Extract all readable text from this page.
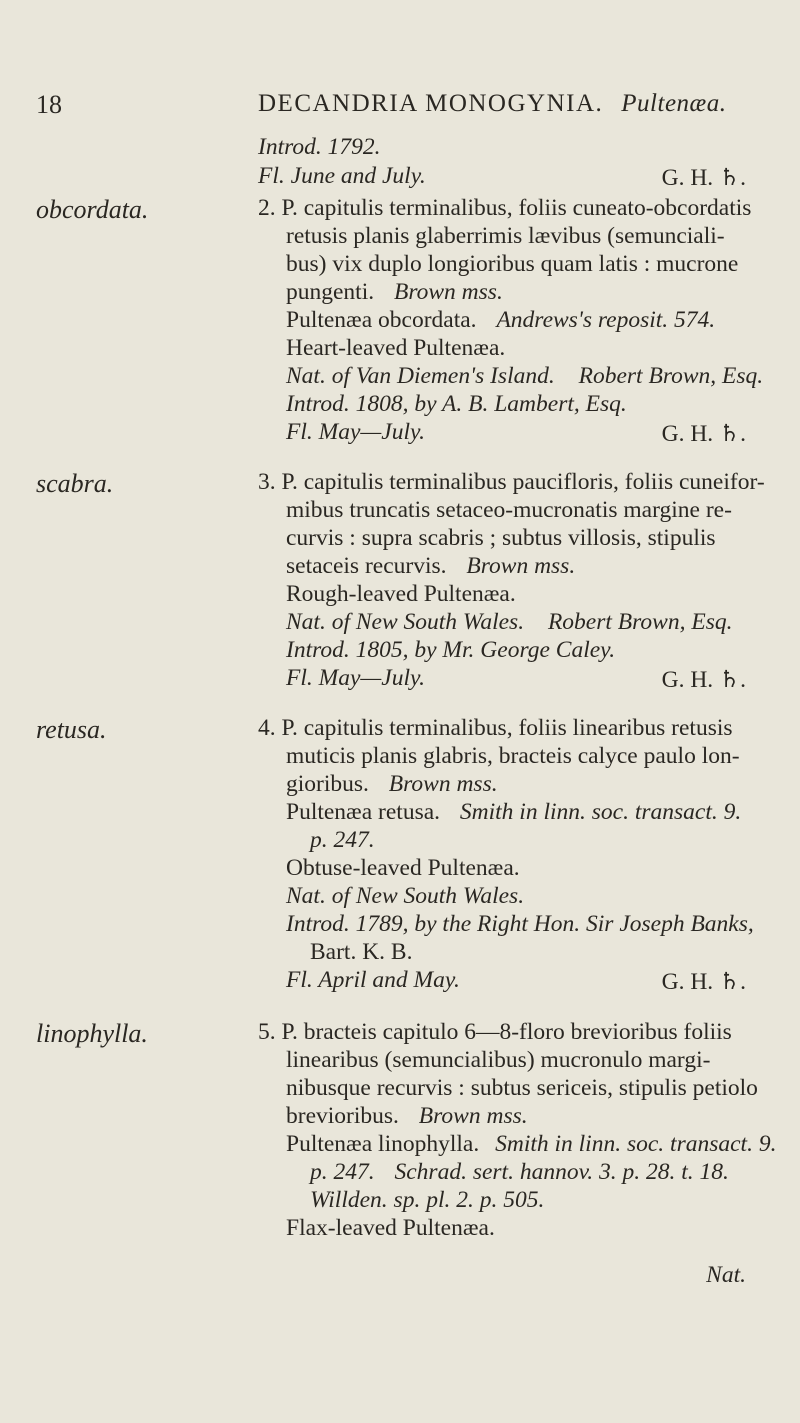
18	DECANDRIA MONOGYNIA. Pultenæa.
Introd. 1792.
Fl. June and July.	G. H. ♄.
obcordata.	2. P. capitulis terminalibus, foliis cuneato-obcordatis
retusis planis glaberrimis lævibus (semunciali-
bus) vix duplo longioribus quam latis : mucrone
pungenti. Brown mss.
Pultenæa obcordata. Andrews's reposit. 574.
Heart-leaved Pultenæa.
Nat. of Van Diemen's Island. Robert Brown, Esq.
Introd. 1808, by A. B. Lambert, Esq.
Fl. May—July.	G. H. ♄.
scabra.	3. P. capitulis terminalibus paucifloris, foliis cuneifor-
mibus truncatis setaceo-mucronatis margine re-
curvis : supra scabris ; subtus villosis, stipulis
setaceis recurvis. Brown mss.
Rough-leaved Pultenæa.
Nat. of New South Wales. Robert Brown, Esq.
Introd. 1805, by Mr. George Caley.
Fl. May—July.	G. H. ♄.
retusa.	4. P. capitulis terminalibus, foliis linearibus retusis
muticis planis glabris, bracteis calyce paulo lon-
gioribus. Brown mss.
Pultenæa retusa. Smith in linn. soc. transact. 9.
p. 247.
Obtuse-leaved Pultenæa.
Nat. of New South Wales.
Introd. 1789, by the Right Hon. Sir Joseph Banks,
Bart. K. B.
Fl. April and May.	G. H. ♄.
linophylla.	5. P. bracteis capitulo 6—8-floro brevioribus foliis
linearibus (semuncialibus) mucronulo margi-
nibusque recurvis : subtus sericeis, stipulis petiolo
brevioribus. Brown mss.
Pultenæa linophylla. Smith in linn. soc. transact. 9.
p. 247. Schrad. sert. hannov. 3. p. 28. t. 18.
Willden. sp. pl. 2. p. 505.
Flax-leaved Pultenæa.
Nat.
